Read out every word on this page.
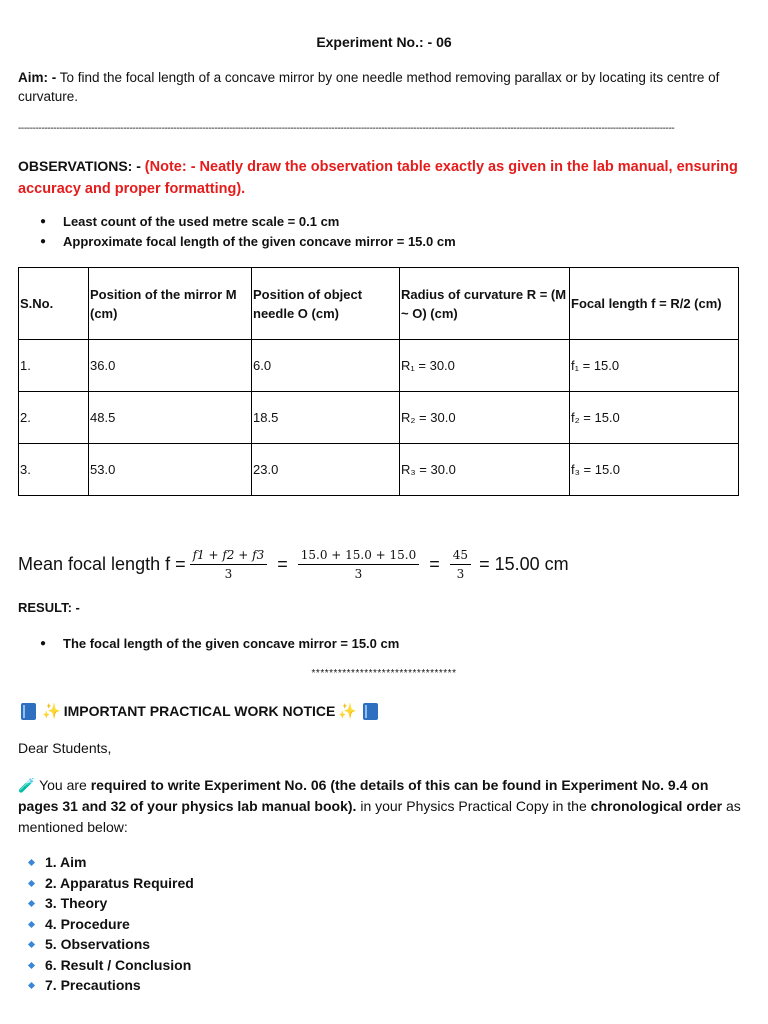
Experiment No.: - 06
Aim: - To find the focal length of a concave mirror by one needle method removing parallax or by locating its centre of curvature.
--------------------------------------------------------------------------------------------------------------------------------------------------------------------------------------------------------------------------------
OBSERVATIONS: - (Note: - Neatly draw the observation table exactly as given in the lab manual, ensuring accuracy and proper formatting).
● Least count of the used metre scale = 0.1 cm
● Approximate focal length of the given concave mirror = 15.0 cm
S.No.	Position of the mirror M (cm)	Position of object needle O (cm)	Radius of curvature R = (M ~ O) (cm)	Focal length f = R/2 (cm)
1.	36.0	6.0	R₁ = 30.0	f₁ = 15.0
2.	48.5	18.5	R₂ = 30.0	f₂ = 15.0
3.	53.0	23.0	R₃ = 30.0	f₃ = 15.0
Mean focal length $f = \frac{f1 + f2 + f3}{3} = \frac{15.0 + 15.0 + 15.0}{3} = \frac{45}{3} = 15.00$ cm
RESULT: -
● The focal length of the given concave mirror = 15.0 cm
*********************************
✨ IMPORTANT PRACTICAL WORK NOTICE ✨
Dear Students,
🧪 You are required to write Experiment No. 06 (the details of this can be found in Experiment No. 9.4 on pages 31 and 32 of your physics lab manual book). in your Physics Practical Copy in the chronological order as mentioned below:
1. Aim
2. Apparatus Required
3. Theory
4. Procedure
5. Observations
6. Result / Conclusion
7. Precautions
